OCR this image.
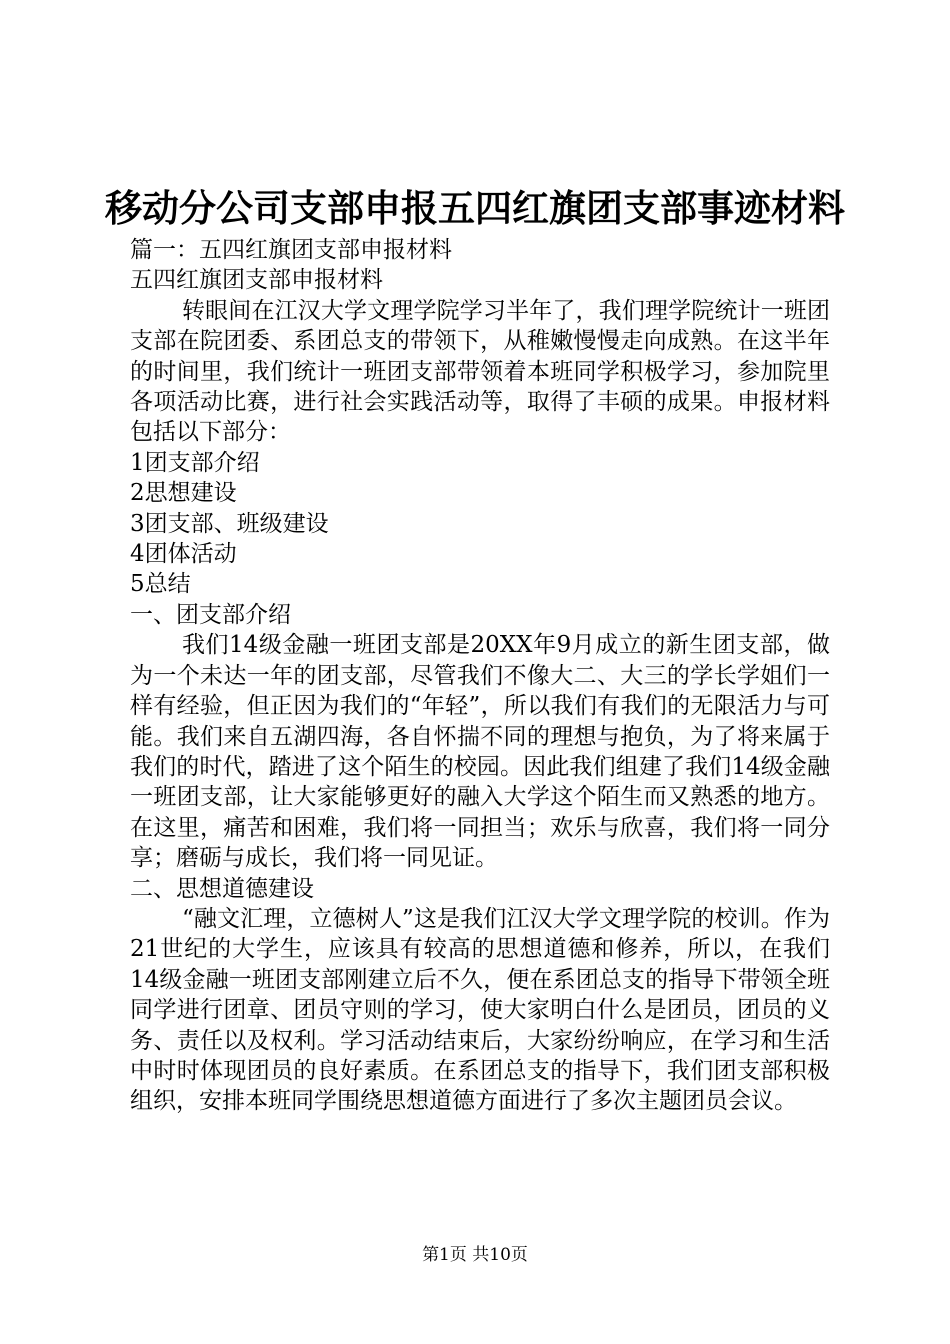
移动分公司支部申报五四红旗团支部事迹材料

篇一：五四红旗团支部申报材料

五四红旗团支部申报材料

转眼间在江汉大学文理学院学习半年了，我们理学院统计一班团支部在院团委、系团总支的带领下，从稚嫩慢慢走向成熟。在这半年的时间里，我们统计一班团支部带领着本班同学积极学习，参加院里各项活动比赛，进行社会实践活动等，取得了丰硕的成果。申报材料包括以下部分：

1团支部介绍

2思想建设

3团支部、班级建设

4团体活动

5总结

一、团支部介绍

我们14级金融一班团支部是20XX年9月成立的新生团支部，做为一个未达一年的团支部，尽管我们不像大二、大三的学长学姐们一样有经验，但正因为我们的“年轻”，所以我们有我们的无限活力与可能。我们来自五湖四海，各自怀揣不同的理想与抱负，为了将来属于我们的时代，踏进了这个陌生的校园。因此我们组建了我们14级金融一班团支部，让大家能够更好的融入大学这个陌生而又熟悉的地方。在这里，痛苦和困难，我们将一同担当；欢乐与欣喜，我们将一同分享；磨砺与成长，我们将一同见证。

二、思想道德建设

“融文汇理，立德树人”这是我们江汉大学文理学院的校训。作为21世纪的大学生，应该具有较高的思想道德和修养，所以，在我们14级金融一班团支部刚建立后不久，便在系团总支的指导下带领全班同学进行团章、团员守则的学习，使大家明白什么是团员，团员的义务、责任以及权利。学习活动结束后，大家纷纷响应，在学习和生活中时时体现团员的良好素质。在系团总支的指导下，我们团支部积极组织，安排本班同学围绕思想道德方面进行了多次主题团员会议。

第1页 共10页
